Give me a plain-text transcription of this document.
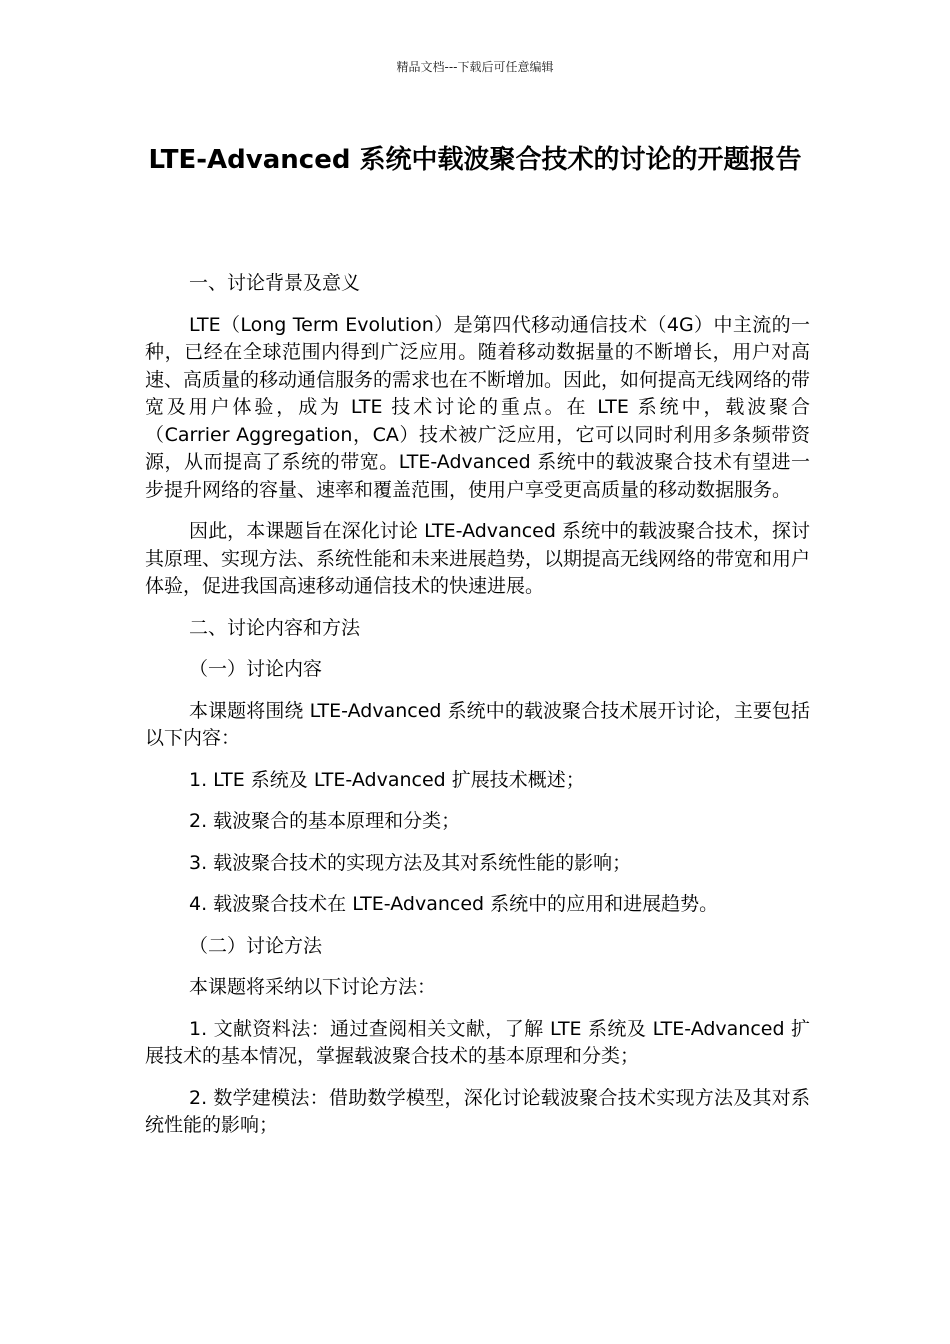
精品文档---下载后可任意编辑
LTE-Advanced 系统中载波聚合技术的讨论的开题报告

一、讨论背景及意义

LTE（Long Term Evolution）是第四代移动通信技术（4G）中主流的一种，已经在全球范围内得到广泛应用。随着移动数据量的不断增长，用户对高速、高质量的移动通信服务的需求也在不断增加。因此，如何提高无线网络的带宽及用户体验，成为 LTE 技术讨论的重点。在 LTE 系统中，载波聚合（Carrier Aggregation，CA）技术被广泛应用，它可以同时利用多条频带资源，从而提高了系统的带宽。LTE-Advanced 系统中的载波聚合技术有望进一步提升网络的容量、速率和覆盖范围，使用户享受更高质量的移动数据服务。

因此，本课题旨在深化讨论 LTE-Advanced 系统中的载波聚合技术，探讨其原理、实现方法、系统性能和未来进展趋势，以期提高无线网络的带宽和用户体验，促进我国高速移动通信技术的快速进展。

二、讨论内容和方法

（一）讨论内容

本课题将围绕 LTE-Advanced 系统中的载波聚合技术展开讨论，主要包括以下内容：

1. LTE 系统及 LTE-Advanced 扩展技术概述；

2. 载波聚合的基本原理和分类；

3. 载波聚合技术的实现方法及其对系统性能的影响；

4. 载波聚合技术在 LTE-Advanced 系统中的应用和进展趋势。

（二）讨论方法

本课题将采纳以下讨论方法：

1. 文献资料法：通过查阅相关文献，了解 LTE 系统及 LTE-Advanced 扩展技术的基本情况，掌握载波聚合技术的基本原理和分类；

2. 数学建模法：借助数学模型，深化讨论载波聚合技术实现方法及其对系统性能的影响；
